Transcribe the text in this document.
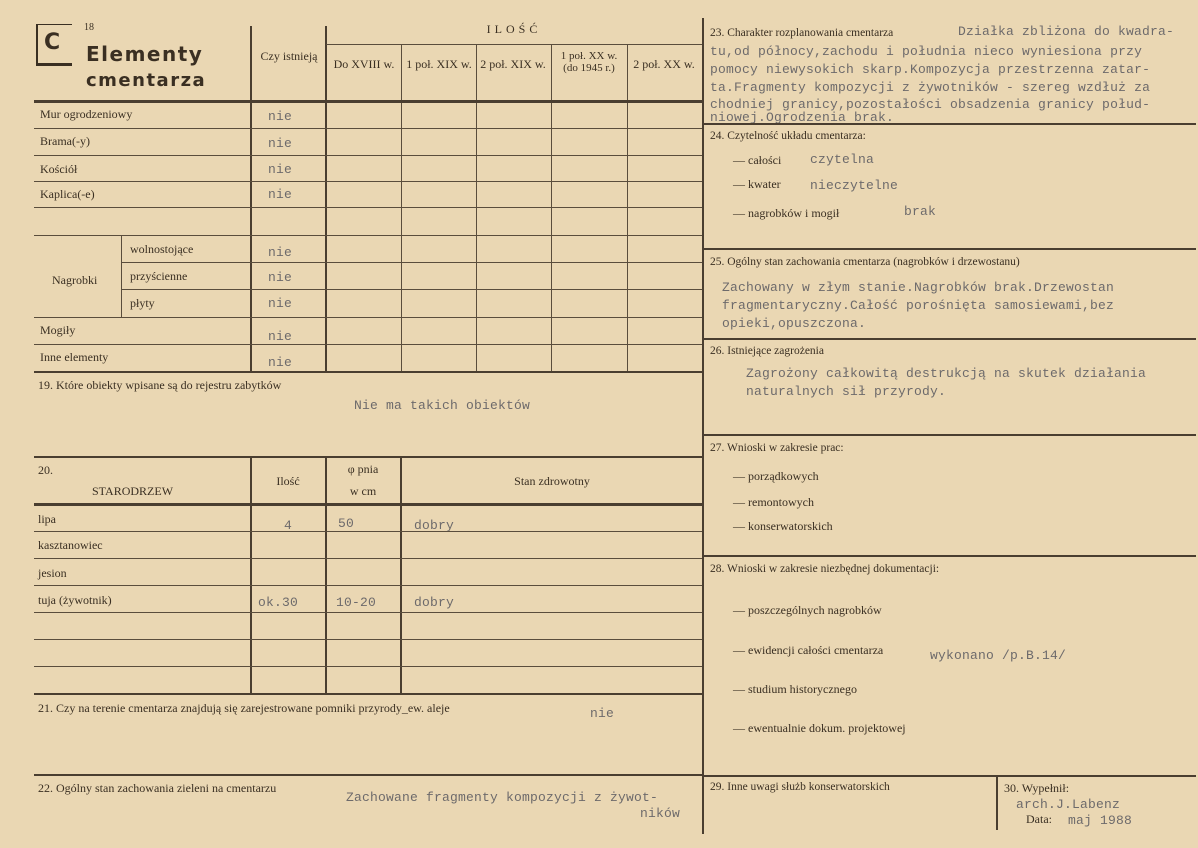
C
18
Elementy
cmentarza
Czy istnieją
ILOŚĆ
Do XVIII w. 1 poł. XIX w. 2 poł. XIX w.
1 poł. XX w. (do 1945 r.)	2 poł. XX w.
Mur ogrodzeniowy	nie
Brama(-y)	nie
Kościół	nie
Kaplica(-e)	nie
Nagrobki
wolnostojące	nie
przyścienne	nie
płyty	nie
Mogiły	nie
Inne elementy	nie
19. Które obiekty wpisane są do rejestru zabytków
Nie ma takich obiektów
20.
STARODRZEW
Ilość
φ pnia
w cm
Stan zdrowotny
lipa	4	50	dobry
kasztanowiec
jesion
tuja (żywotnik)	ok.30	10-20	dobry
21. Czy na terenie cmentarza znajdują się zarejestrowane pomniki przyrody_ew. aleje	nie
22. Ogólny stan zachowania zieleni na cmentarzu
Zachowane fragmenty kompozycji z żywot-
ników
23. Charakter rozplanowania cmentarza	Działka zbliżona do kwadra-
tu,od północy,zachodu i południa nieco wyniesiona przy
pomocy niewysokich skarp.Kompozycja przestrzenna zatar-
ta.Fragmenty kompozycji z żywotników - szereg wzdłuż za
chodniej granicy,pozostałości obsadzenia granicy połud-
niowej.Ogrodzenia brak.
24. Czytelność układu cmentarza:
— całości czytelna
— kwater nieczytelne
— nagrobków i mogił	brak
25. Ogólny stan zachowania cmentarza (nagrobków i drzewostanu)
Zachowany w złym stanie.Nagrobków brak.Drzewostan
fragmentaryczny.Całość porośnięta samosiewami,bez
opieki,opuszczona.
26. Istniejące zagrożenia
Zagrożony całkowitą destrukcją na skutek działania
naturalnych sił przyrody.
27. Wnioski w zakresie prac:
— porządkowych
— remontowych
— konserwatorskich
28. Wnioski w zakresie niezbędnej dokumentacji:
— poszczególnych nagrobków
— ewidencji całości cmentarza	wykonano /p.B.14/
— studium historycznego
— ewentualnie dokum. projektowej
29. Inne uwagi służb konserwatorskich	30. Wypełnił:
arch.J.Labenz
Data: maj 1988
